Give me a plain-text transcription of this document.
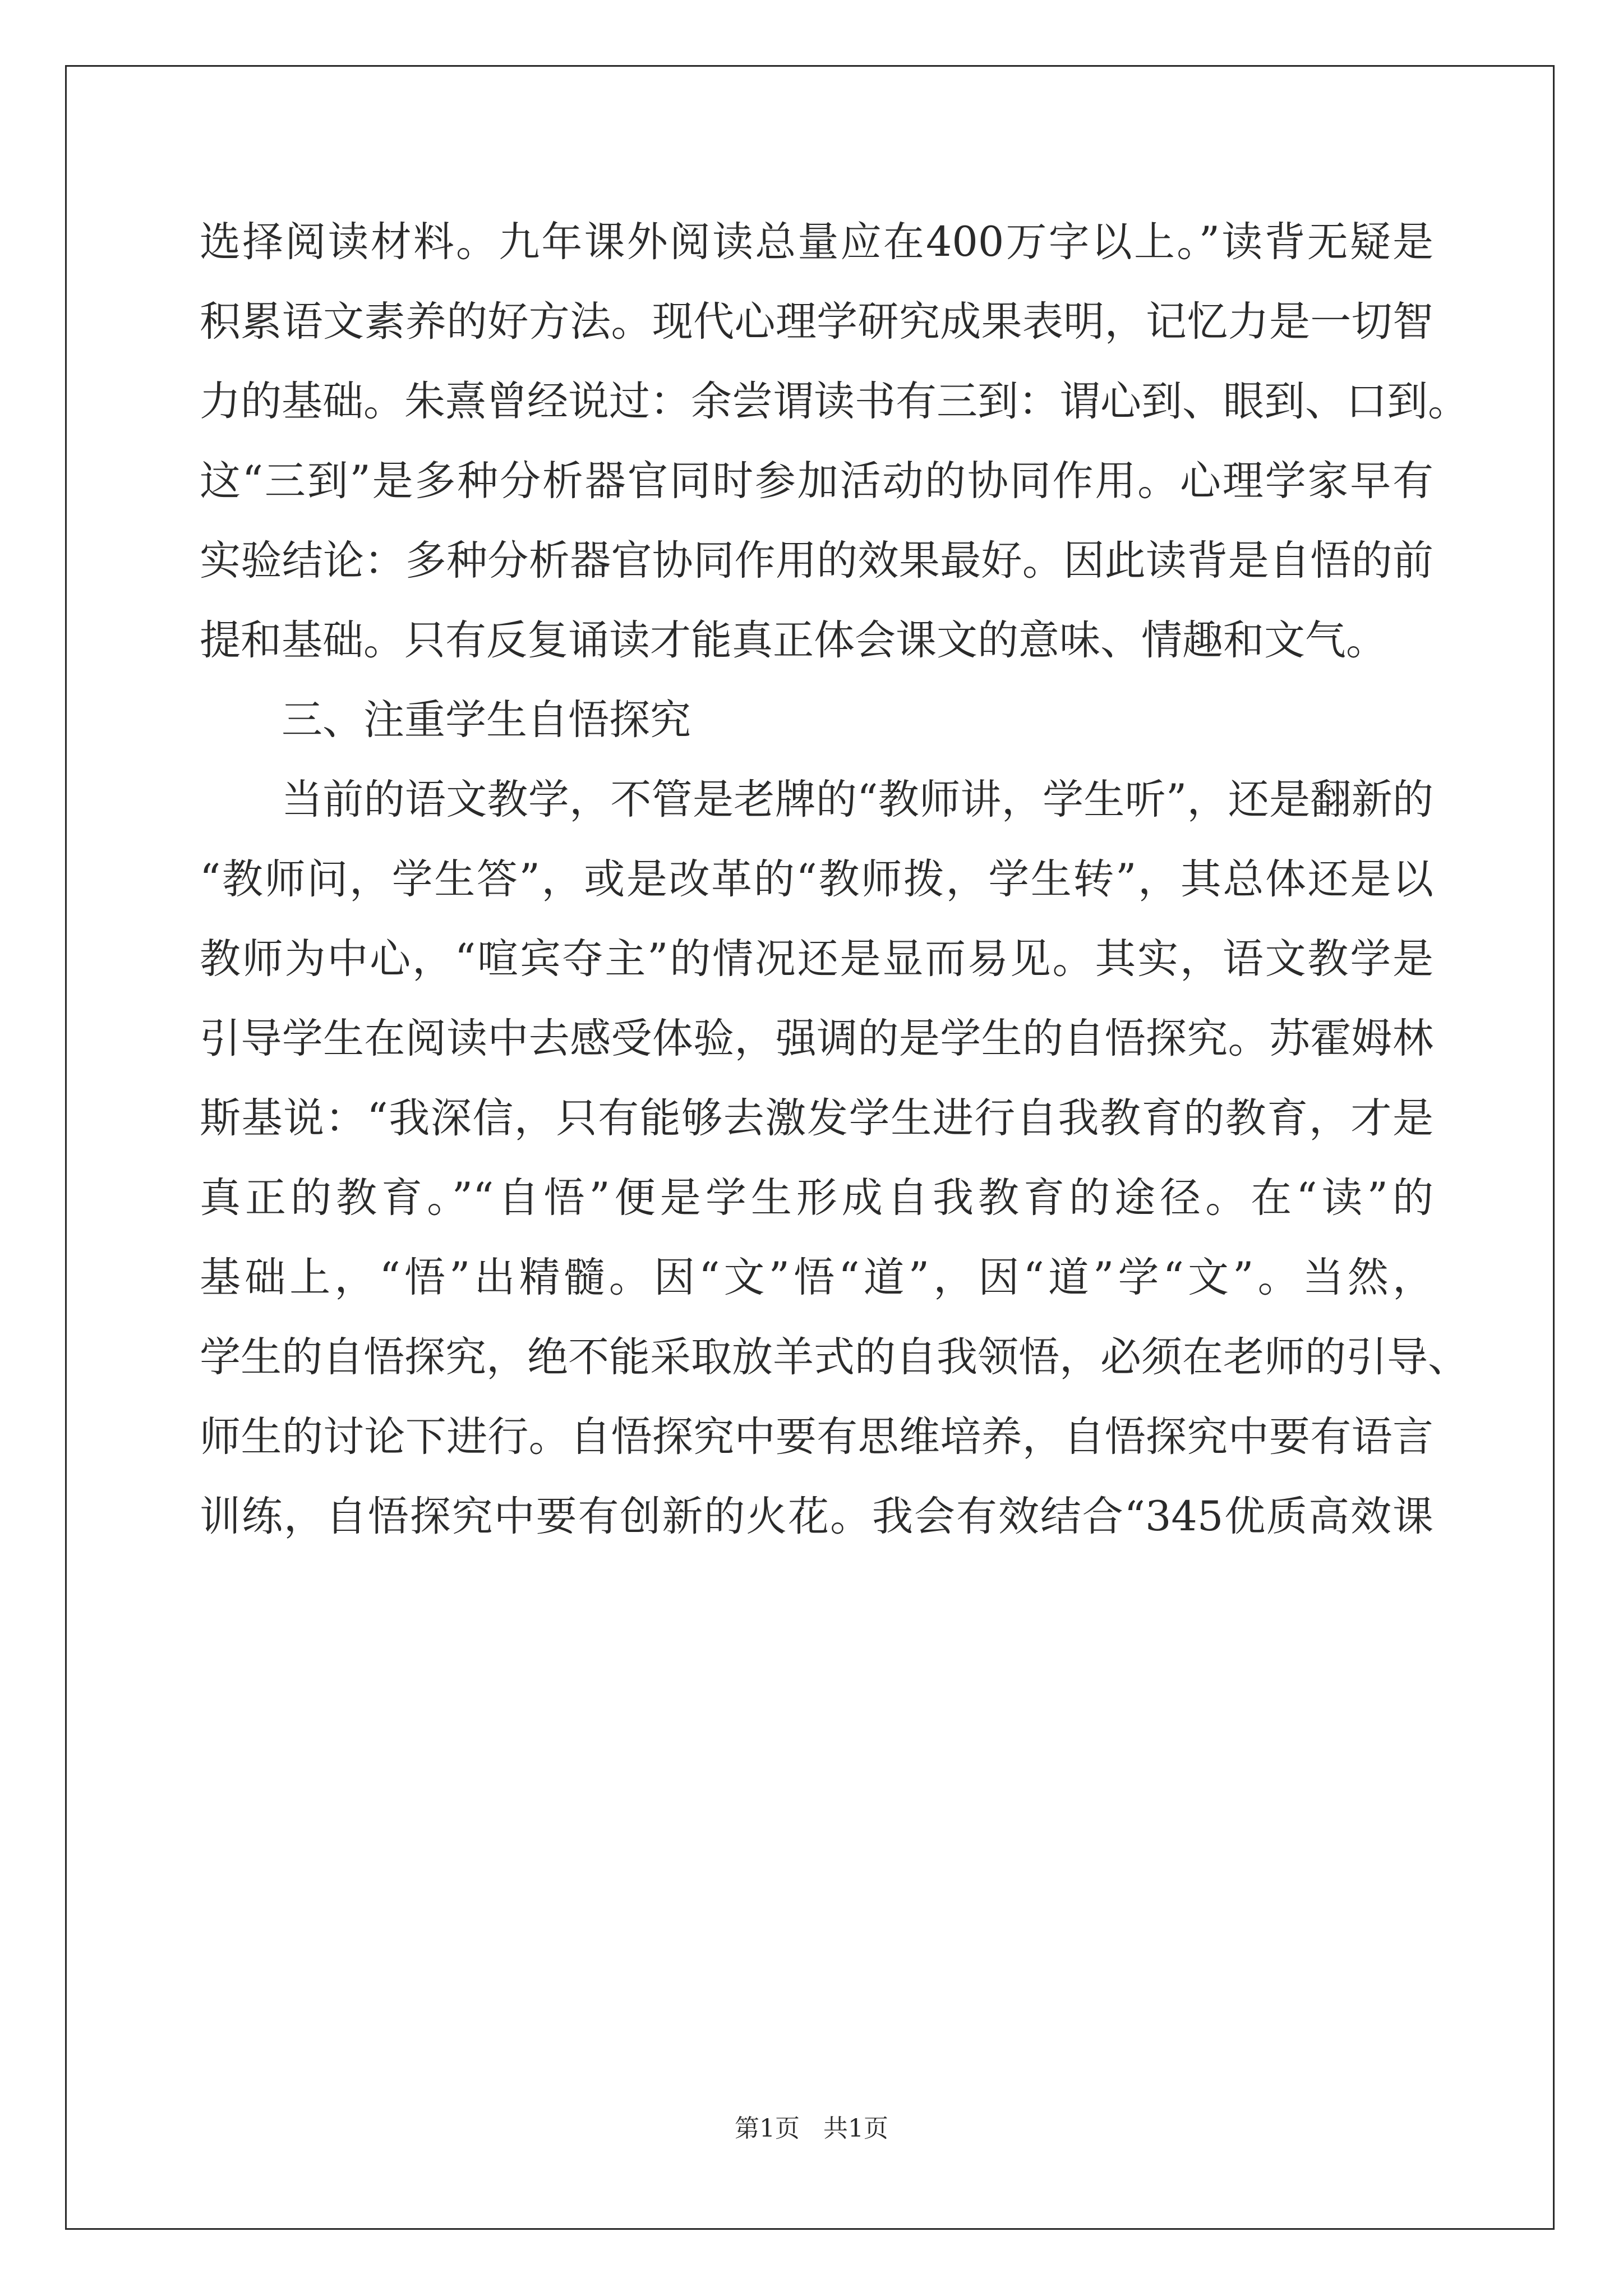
选择阅读材料。九年课外阅读总量应在400万字以上。”读背无疑是
积累语文素养的好方法。现代心理学研究成果表明，记忆力是一切智
力的基础。朱熹曾经说过：余尝谓读书有三到：谓心到、眼到、口到。
这“三到”是多种分析器官同时参加活动的协同作用。心理学家早有
实验结论：多种分析器官协同作用的效果最好。因此读背是自悟的前
提和基础。只有反复诵读才能真正体会课文的意味、情趣和文气。
三、注重学生自悟探究
当前的语文教学，不管是老牌的“教师讲，学生听”，还是翻新的
“教师问，学生答”，或是改革的“教师拨，学生转”，其总体还是以
教师为中心，“喧宾夺主”的情况还是显而易见。其实，语文教学是
引导学生在阅读中去感受体验，强调的是学生的自悟探究。苏霍姆林
斯基说：“我深信，只有能够去激发学生进行自我教育的教育，才是
真正的教育。”“自悟”便是学生形成自我教育的途径。在“读”的
基础上，“悟”出精髓。因“文”悟“道”，因“道”学“文”。当然，
学生的自悟探究，绝不能采取放羊式的自我领悟，必须在老师的引导、
师生的讨论下进行。自悟探究中要有思维培养，自悟探究中要有语言
训练，自悟探究中要有创新的火花。我会有效结合“345优质高效课
第1页   共1页
